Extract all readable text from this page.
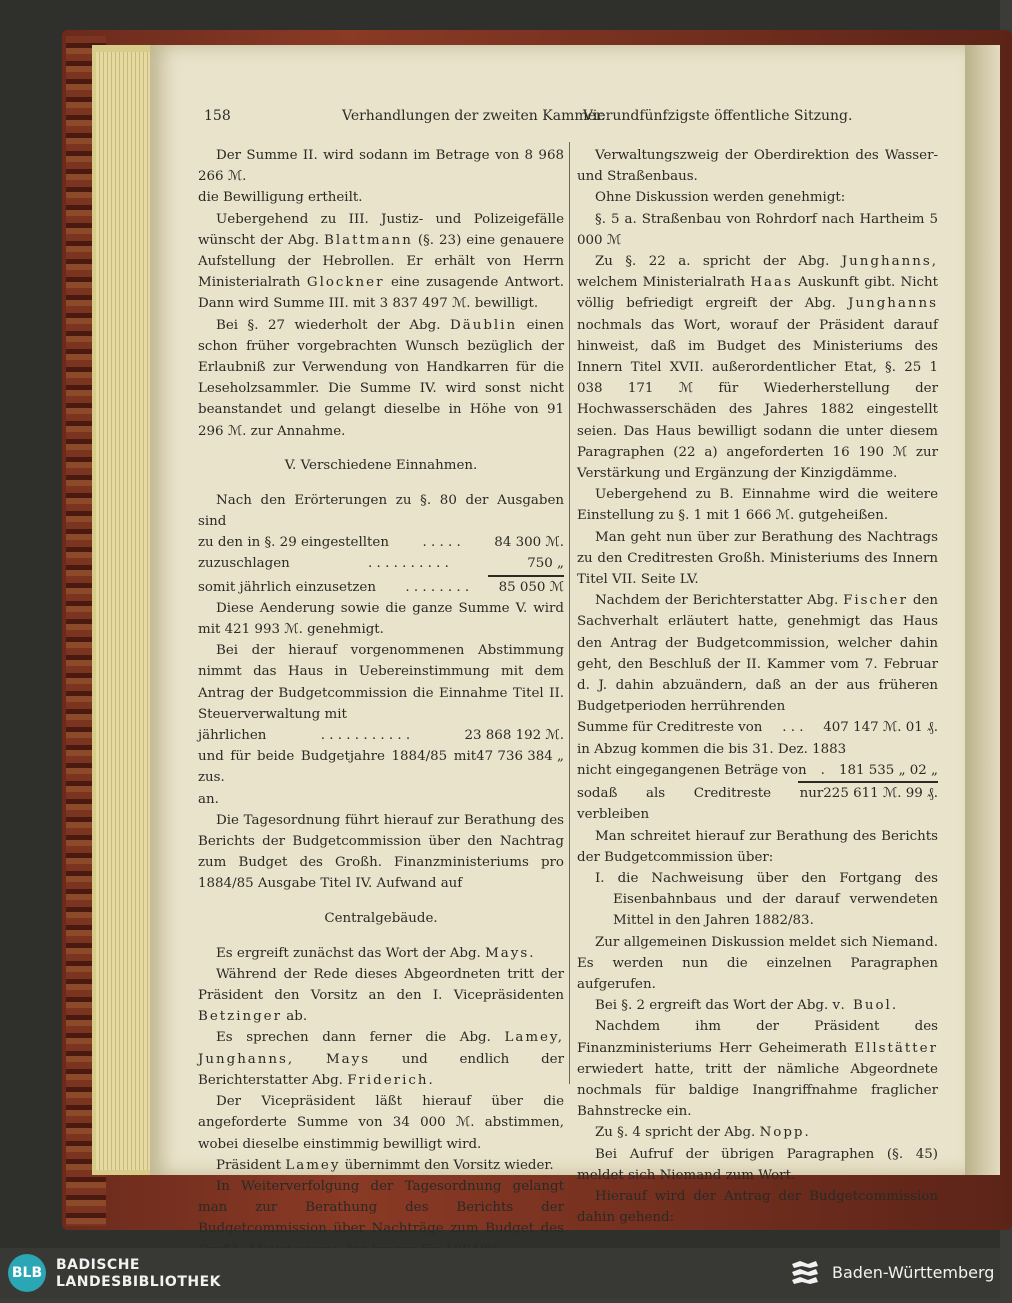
158	Verhandlungen der zweiten Kammer.
Vierundfünfzigste öffentliche Sitzung.

Der Summe II. wird sodann im Betrage von 8 968 266 ℳ.
die Bewilligung ertheilt.

Uebergehend zu III. Justiz- und Polizeigefälle wünscht der Abg. Blattmann (§. 23) eine genauere Aufstellung der Hebrollen. Er erhält von Herrn Ministerialrath Glockner eine zusagende Antwort. Dann wird Summe III. mit 3 837 497 ℳ. bewilligt.

Bei §. 27 wiederholt der Abg. Däublin einen schon früher vorgebrachten Wunsch bezüglich der Erlaubniß zur Verwendung von Handkarren für die Leseholzsammler. Die Summe IV. wird sonst nicht beanstandet und gelangt dieselbe in Höhe von 91 296 ℳ. zur Annahme.

V. Verschiedene Einnahmen.

Nach den Erörterungen zu §. 80 der Ausgaben sind

zu den in §. 29 eingestellten	. . . . .	84 300 ℳ.
zuzuschlagen	. . . . . . . . . .	750 „
somit jährlich einzusetzen . . . . . . . . 85 050 ℳ

Diese Aenderung sowie die ganze Summe V. wird mit 421 993 ℳ. genehmigt.

Bei der hierauf vorgenommenen Abstimmung nimmt das Haus in Uebereinstimmung mit dem Antrag der Budgetcommission die Einnahme Titel II. Steuerverwaltung mit

jährlichen	. . . . . . . . . . .	23 868 192 ℳ.
und für beide Budgetjahre 1884/85 mit zus.
47 736 384 „

an.

Die Tagesordnung führt hierauf zur Berathung des Berichts der Budgetcommission über den Nachtrag zum Budget des Großh. Finanzministeriums pro 1884/85 Ausgabe Titel IV. Aufwand auf

Centralgebäude.

Es ergreift zunächst das Wort der Abg. Mays.

Während der Rede dieses Abgeordneten tritt der Präsident den Vorsitz an den I. Vicepräsidenten Betzinger ab.

Es sprechen dann ferner die Abg. Lamey, Junghanns, Mays und endlich der Berichterstatter Abg. Friderich.

Der Vicepräsident läßt hierauf über die angeforderte Summe von 34 000 ℳ. abstimmen, wobei dieselbe einstimmig bewilligt wird.

Präsident Lamey übernimmt den Vorsitz wieder.

In Weiterverfolgung der Tagesordnung gelangt man zur Berathung des Berichts der Budgetcommission über Nachträge zum Budget des

Verwaltungszweig der Oberdirektion des Wasser- und Straßenbaus.

Ohne Diskussion werden genehmigt:

§. 5 a. Straßenbau von Rohrdorf nach Hartheim 5 000 ℳ

Zu §. 22 a. spricht der Abg. Junghanns, welchem Ministerialrath Haas Auskunft gibt. Nicht völlig befriedigt ergreift der Abg. Junghanns nochmals das Wort, worauf der Präsident darauf hinweist, daß im Budget des Ministeriums des Innern Titel XVII. außerordentlicher Etat, §. 25 1 038 171 ℳ für Wiederherstellung der Hochwasserschäden des Jahres 1882 eingestellt seien. Das Haus bewilligt sodann die unter diesem Paragraphen (22 a) angeforderten 16 190 ℳ zur Verstärkung und Ergänzung der Kinzigdämme.

Uebergehend zu B. Einnahme wird die weitere Einstellung zu §. 1 mit 1 666 ℳ. gutgeheißen.

Man geht nun über zur Berathung des Nachtrags zu den Creditresten Großh. Ministeriums des Innern Titel VII. Seite LV.

Nachdem der Berichterstatter Abg. Fischer den Sachverhalt erläutert hatte, genehmigt das Haus den Antrag der Budgetcommission, welcher dahin geht, den Beschluß der II. Kammer vom 7. Februar d. J. dahin abzuändern, daß an der aus früheren Budgetperioden herrührenden

Summe für Creditreste von . . . 407 147 ℳ. 01 ₰.
in Abzug kommen die bis 31. Dez. 1883
nicht eingegangenen Beträge von . 181 535 „ 02 „
sodaß als Creditreste nur verbleiben
225 611 ℳ. 99 ₰.

Man schreitet hierauf zur Berathung des Berichts der Budgetcommission über:

I. die Nachweisung über den Fortgang des Eisenbahnbaus und der darauf verwendeten Mittel in den Jahren 1882/83.

Zur allgemeinen Diskussion meldet sich Niemand. Es werden nun die einzelnen Paragraphen aufgerufen.

Bei §. 2 ergreift das Wort der Abg. v. Buol.

Nachdem ihm der Präsident des Finanzministeriums Herr Geheimerath Ellstätter erwiedert hatte, tritt der nämliche Abgeordnete nochmals für baldige Inangriffnahme fraglicher Bahnstrecke ein.

Zu §. 4 spricht der Abg. Nopp.

Bei Aufruf der übrigen Paragraphen (§. 45) meldet sich Niemand zum Wort.

Hierauf wird der Antrag der Budgetcommission dahin gehend:

BLB BADISCHE
LANDESBIBLIOTHEK	Baden-Württemberg
